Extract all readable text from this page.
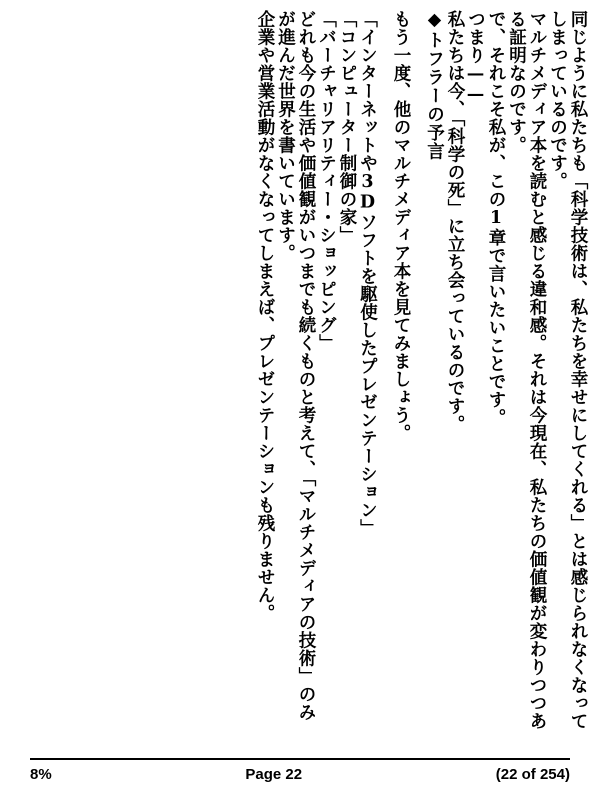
同じように私たちも「科学技術は、私たちを幸せにしてくれる」とは感じられなくなって
しまっているのです。
マルチメディア本を読むと感じる違和感。それは今現在、私たちの価値観が変わりつつあ
る証明なのです。
で、それこそ私が、この1章で言いたいことです。
つまり——
私たちは今、「科学の死」に立ち会っているのです。
◆トフラーの予言
もう一度、他のマルチメディア本を見てみましょう。
「インターネットや3Dソフトを駆使したプレゼンテーション」
「コンピューター制御の家」
「バーチャリアリティー・ショッピング」
どれも今の生活や価値観がいつまでも続くものと考えて、「マルチメディアの技術」のみ
が進んだ世界を書いています。
企業や営業活動がなくなってしまえば、プレゼンテーションも残りません。
8%	Page 22	(22 of 254)
